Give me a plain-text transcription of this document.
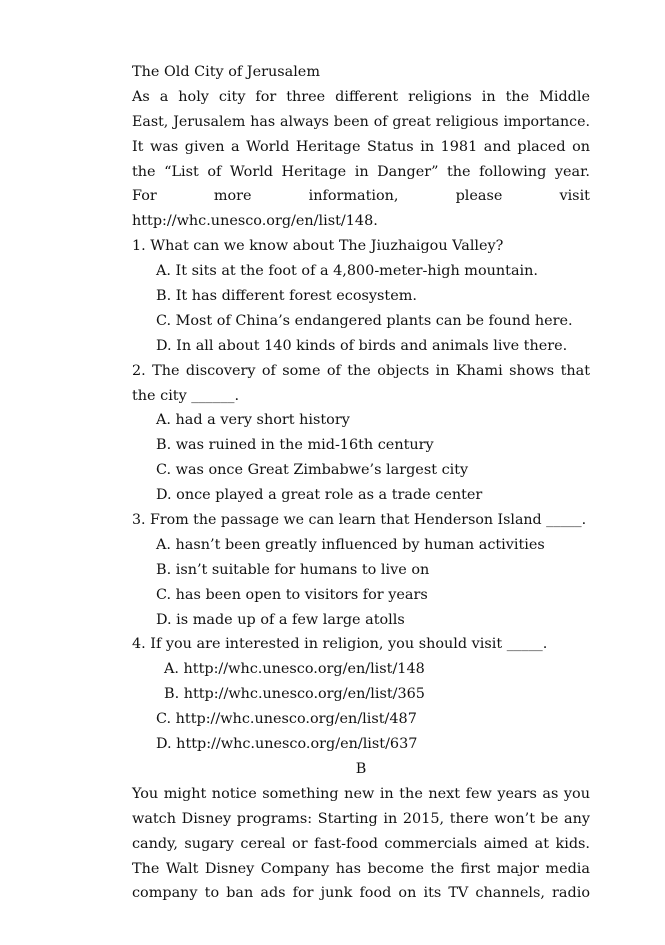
The Old City of Jerusalem
As a holy city for three different religions in the Middle
East, Jerusalem has always been of great religious importance.
It was given a World Heritage Status in 1981 and placed on
the “List of World Heritage in Danger” the following year.
For	more	information,	please	visit
http://whc.unesco.org/en/list/148.
1. What can we know about The Jiuzhaigou Valley?
A. It sits at the foot of a 4,800-meter-high mountain.
B. It has different forest ecosystem.
C. Most of China’s endangered plants can be found here.
D. In all about 140 kinds of birds and animals live there.
2. The discovery of some of the objects in Khami shows that
the city ______.
A. had a very short history
B. was ruined in the mid-16th century
C. was once Great Zimbabwe’s largest city
D. once played a great role as a trade center
3. From the passage we can learn that Henderson Island _____.
A. hasn’t been greatly influenced by human activities
B. isn’t suitable for humans to live on
C. has been open to visitors for years
D. is made up of a few large atolls
4. If you are interested in religion, you should visit _____.
A. http://whc.unesco.org/en/list/148
B. http://whc.unesco.org/en/list/365
C. http://whc.unesco.org/en/list/487
D. http://whc.unesco.org/en/list/637
B
You might notice something new in the next few years as you
watch Disney programs: Starting in 2015, there won’t be any
candy, sugary cereal or fast-food commercials aimed at kids.
The Walt Disney Company has become the first major media
company to ban ads for junk food on its TV channels, radio
